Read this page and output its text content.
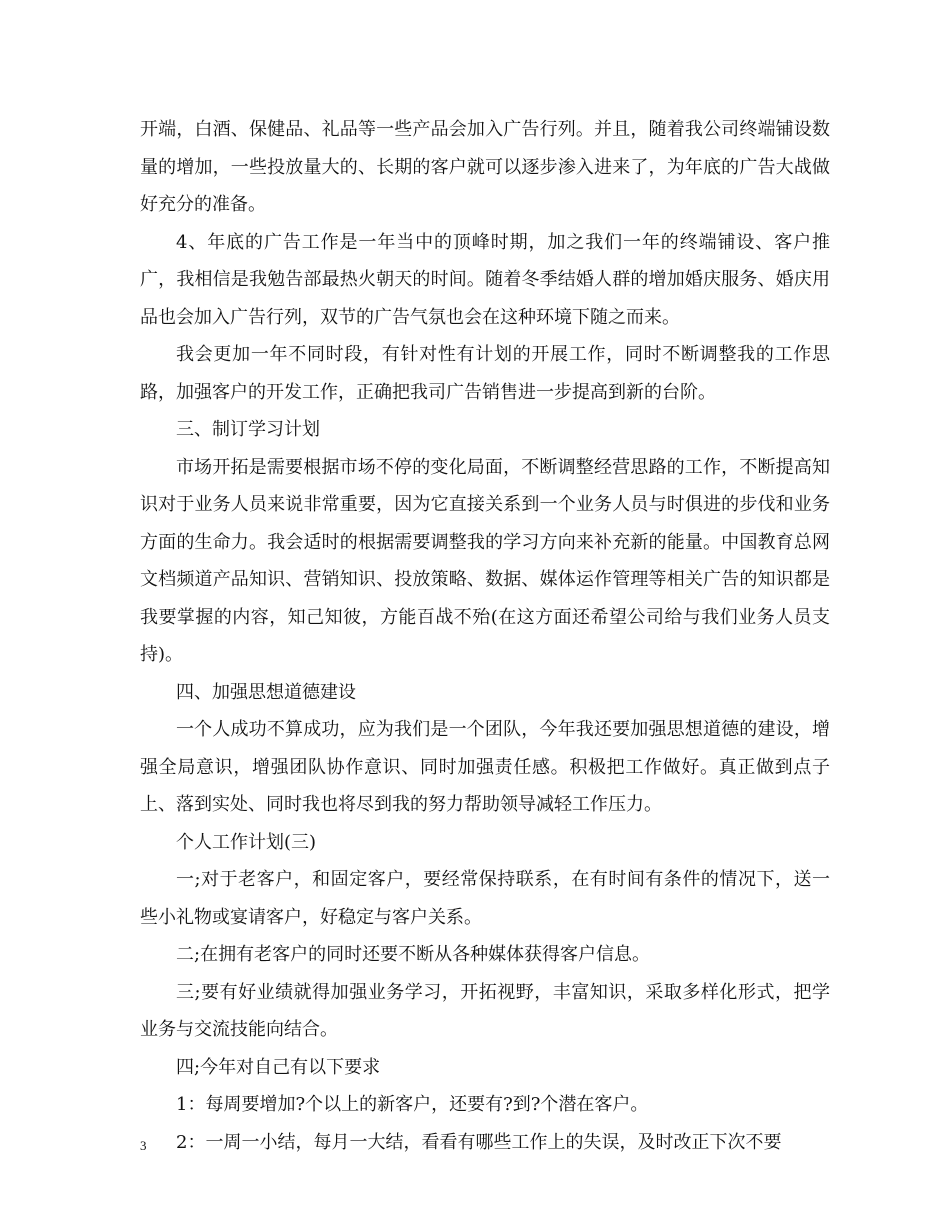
开端，白酒、保健品、礼品等一些产品会加入广告行列。并且，随着我公司终端铺设数量的增加，一些投放量大的、长期的客户就可以逐步渗入进来了，为年底的广告大战做好充分的准备。

4、年底的广告工作是一年当中的顶峰时期，加之我们一年的终端铺设、客户推广，我相信是我勉告部最热火朝天的时间。随着冬季结婚人群的增加婚庆服务、婚庆用品也会加入广告行列，双节的广告气氛也会在这种环境下随之而来。

我会更加一年不同时段，有针对性有计划的开展工作，同时不断调整我的工作思路，加强客户的开发工作，正确把我司广告销售进一步提高到新的台阶。

三、制订学习计划

市场开拓是需要根据市场不停的变化局面，不断调整经营思路的工作，不断提高知识对于业务人员来说非常重要，因为它直接关系到一个业务人员与时俱进的步伐和业务方面的生命力。我会适时的根据需要调整我的学习方向来补充新的能量。中国教育总网文档频道产品知识、营销知识、投放策略、数据、媒体运作管理等相关广告的知识都是我要掌握的内容，知己知彼，方能百战不殆(在这方面还希望公司给与我们业务人员支持)。

四、加强思想道德建设

一个人成功不算成功，应为我们是一个团队，今年我还要加强思想道德的建设，增强全局意识，增强团队协作意识、同时加强责任感。积极把工作做好。真正做到点子上、落到实处、同时我也将尽到我的努力帮助领导减轻工作压力。

个人工作计划(三)

一;对于老客户，和固定客户，要经常保持联系，在有时间有条件的情况下，送一些小礼物或宴请客户，好稳定与客户关系。

二;在拥有老客户的同时还要不断从各种媒体获得客户信息。

三;要有好业绩就得加强业务学习，开拓视野，丰富知识，采取多样化形式，把学业务与交流技能向结合。

四;今年对自己有以下要求

1：每周要增加?个以上的新客户，还要有?到?个潜在客户。

2：一周一小结，每月一大结，看看有哪些工作上的失误，及时改正下次不要

3
